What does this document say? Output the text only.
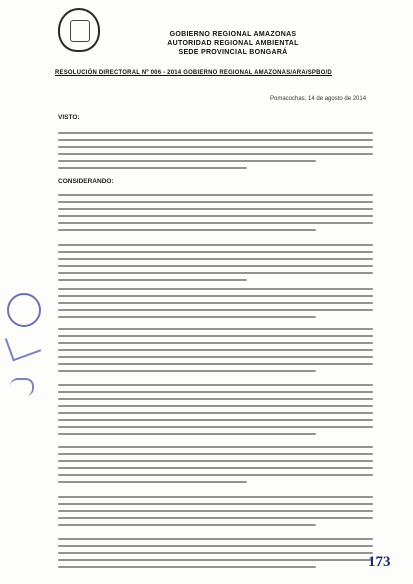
GOBIERNO REGIONAL AMAZONAS
AUTORIDAD REGIONAL AMBIENTAL
SEDE PROVINCIAL BONGARÁ
RESOLUCIÓN DIRECTORAL Nº 006 - 2014 GOBIERNO REGIONAL AMAZONAS/ARA/SPBO/D
Pomacochas, 14 de agosto de 2014
VISTO:
CONSIDERANDO:
173
